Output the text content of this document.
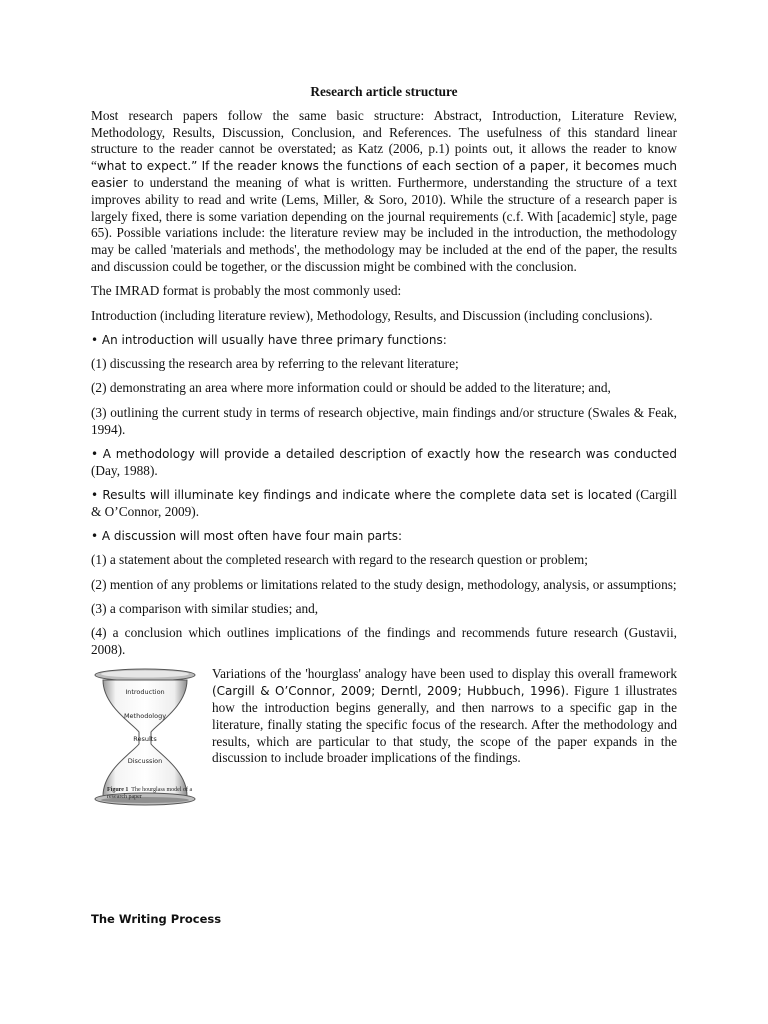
Research article structure

Most research papers follow the same basic structure: Abstract, Introduction, Literature Review, Methodology, Results, Discussion, Conclusion, and References. The usefulness of this standard linear structure to the reader cannot be overstated; as Katz (2006, p.1) points out, it allows the reader to know “what to expect.” If the reader knows the functions of each section of a paper, it becomes much easier to understand the meaning of what is written. Furthermore, understanding the structure of a text improves ability to read and write (Lems, Miller, & Soro, 2010). While the structure of a research paper is largely fixed, there is some variation depending on the journal requirements (c.f. With [academic] style, page 65). Possible variations include: the literature review may be included in the introduction, the methodology may be called 'materials and methods', the methodology may be included at the end of the paper, the results and discussion could be together, or the discussion might be combined with the conclusion.

The IMRAD format is probably the most commonly used:

Introduction (including literature review), Methodology, Results, and Discussion (including conclusions).

• An introduction will usually have three primary functions:

(1) discussing the research area by referring to the relevant literature;

(2) demonstrating an area where more information could or should be added to the literature; and,

(3) outlining the current study in terms of research objective, main findings and/or structure (Swales & Feak, 1994).

• A methodology will provide a detailed description of exactly how the research was conducted (Day, 1988).

• Results will illuminate key findings and indicate where the complete data set is located (Cargill & O’Connor, 2009).

• A discussion will most often have four main parts:

(1) a statement about the completed research with regard to the research question or problem;

(2) mention of any problems or limitations related to the study design, methodology, analysis, or assumptions;

(3) a comparison with similar studies; and,

(4) a conclusion which outlines implications of the findings and recommends future research (Gustavii, 2008).

Introduction
Methodology
Results
Discussion
Figure 1 The hourglass model of a research paper

Variations of the 'hourglass' analogy have been used to display this overall framework (Cargill & O’Connor, 2009; Derntl, 2009; Hubbuch, 1996). Figure 1 illustrates how the introduction begins generally, and then narrows to a specific gap in the literature, finally stating the specific focus of the research. After the methodology and results, which are particular to that study, the scope of the paper expands in the discussion to include broader implications of the findings.

The Writing Process
